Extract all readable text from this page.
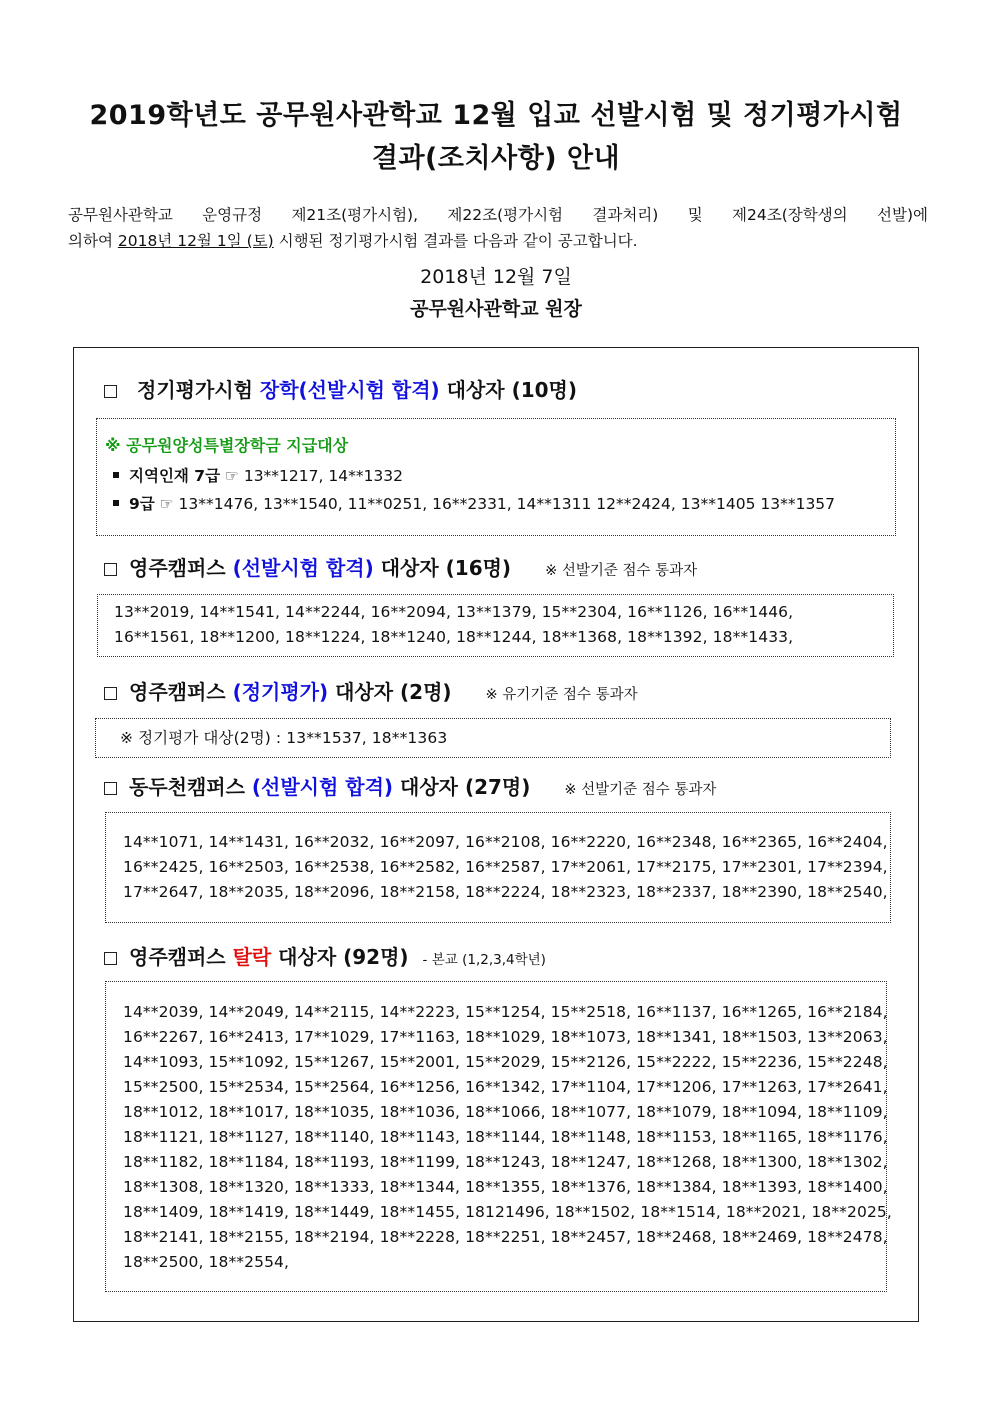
2019학년도 공무원사관학교 12월 입교 선발시험 및 정기평가시험
결과(조치사항) 안내
공무원사관학교 운영규정 제21조(평가시험), 제22조(평가시험 결과처리) 및 제24조(장학생의 선발)에
의하여 2018년 12월 1일 (토) 시행된 정기평가시험 결과를 다음과 같이 공고합니다.
2018년 12월 7일
공무원사관학교 원장
정기평가시험 장학(선발시험 합격) 대상자 (10명)
※ 공무원양성특별장학금 지급대상
지역인재 7급 ☞ 13**1217, 14**1332
9급 ☞ 13**1476, 13**1540, 11**0251, 16**2331, 14**1311 12**2424, 13**1405 13**1357
영주캠퍼스 (선발시험 합격) 대상자 (16명) ※ 선발기준 점수 통과자
13**2019, 14**1541, 14**2244, 16**2094, 13**1379, 15**2304, 16**1126, 16**1446,
16**1561, 18**1200, 18**1224, 18**1240, 18**1244, 18**1368, 18**1392, 18**1433,
영주캠퍼스 (정기평가) 대상자 (2명) ※ 유기기준 점수 통과자
※ 정기평가 대상(2명) : 13**1537, 18**1363
동두천캠퍼스 (선발시험 합격) 대상자 (27명) ※ 선발기준 점수 통과자
14**1071, 14**1431, 16**2032, 16**2097, 16**2108, 16**2220, 16**2348, 16**2365, 16**2404,
16**2425, 16**2503, 16**2538, 16**2582, 16**2587, 17**2061, 17**2175, 17**2301, 17**2394,
17**2647, 18**2035, 18**2096, 18**2158, 18**2224, 18**2323, 18**2337, 18**2390, 18**2540,
영주캠퍼스 탈락 대상자 (92명) - 본교 (1,2,3,4학년)
14**2039, 14**2049, 14**2115, 14**2223, 15**1254, 15**2518, 16**1137, 16**1265, 16**2184,
16**2267, 16**2413, 17**1029, 17**1163, 18**1029, 18**1073, 18**1341, 18**1503, 13**2063,
14**1093, 15**1092, 15**1267, 15**2001, 15**2029, 15**2126, 15**2222, 15**2236, 15**2248,
15**2500, 15**2534, 15**2564, 16**1256, 16**1342, 17**1104, 17**1206, 17**1263, 17**2641,
18**1012, 18**1017, 18**1035, 18**1036, 18**1066, 18**1077, 18**1079, 18**1094, 18**1109,
18**1121, 18**1127, 18**1140, 18**1143, 18**1144, 18**1148, 18**1153, 18**1165, 18**1176,
18**1182, 18**1184, 18**1193, 18**1199, 18**1243, 18**1247, 18**1268, 18**1300, 18**1302,
18**1308, 18**1320, 18**1333, 18**1344, 18**1355, 18**1376, 18**1384, 18**1393, 18**1400,
18**1409, 18**1419, 18**1449, 18**1455, 18121496, 18**1502, 18**1514, 18**2021, 18**2025,
18**2141, 18**2155, 18**2194, 18**2228, 18**2251, 18**2457, 18**2468, 18**2469, 18**2478,
18**2500, 18**2554,
